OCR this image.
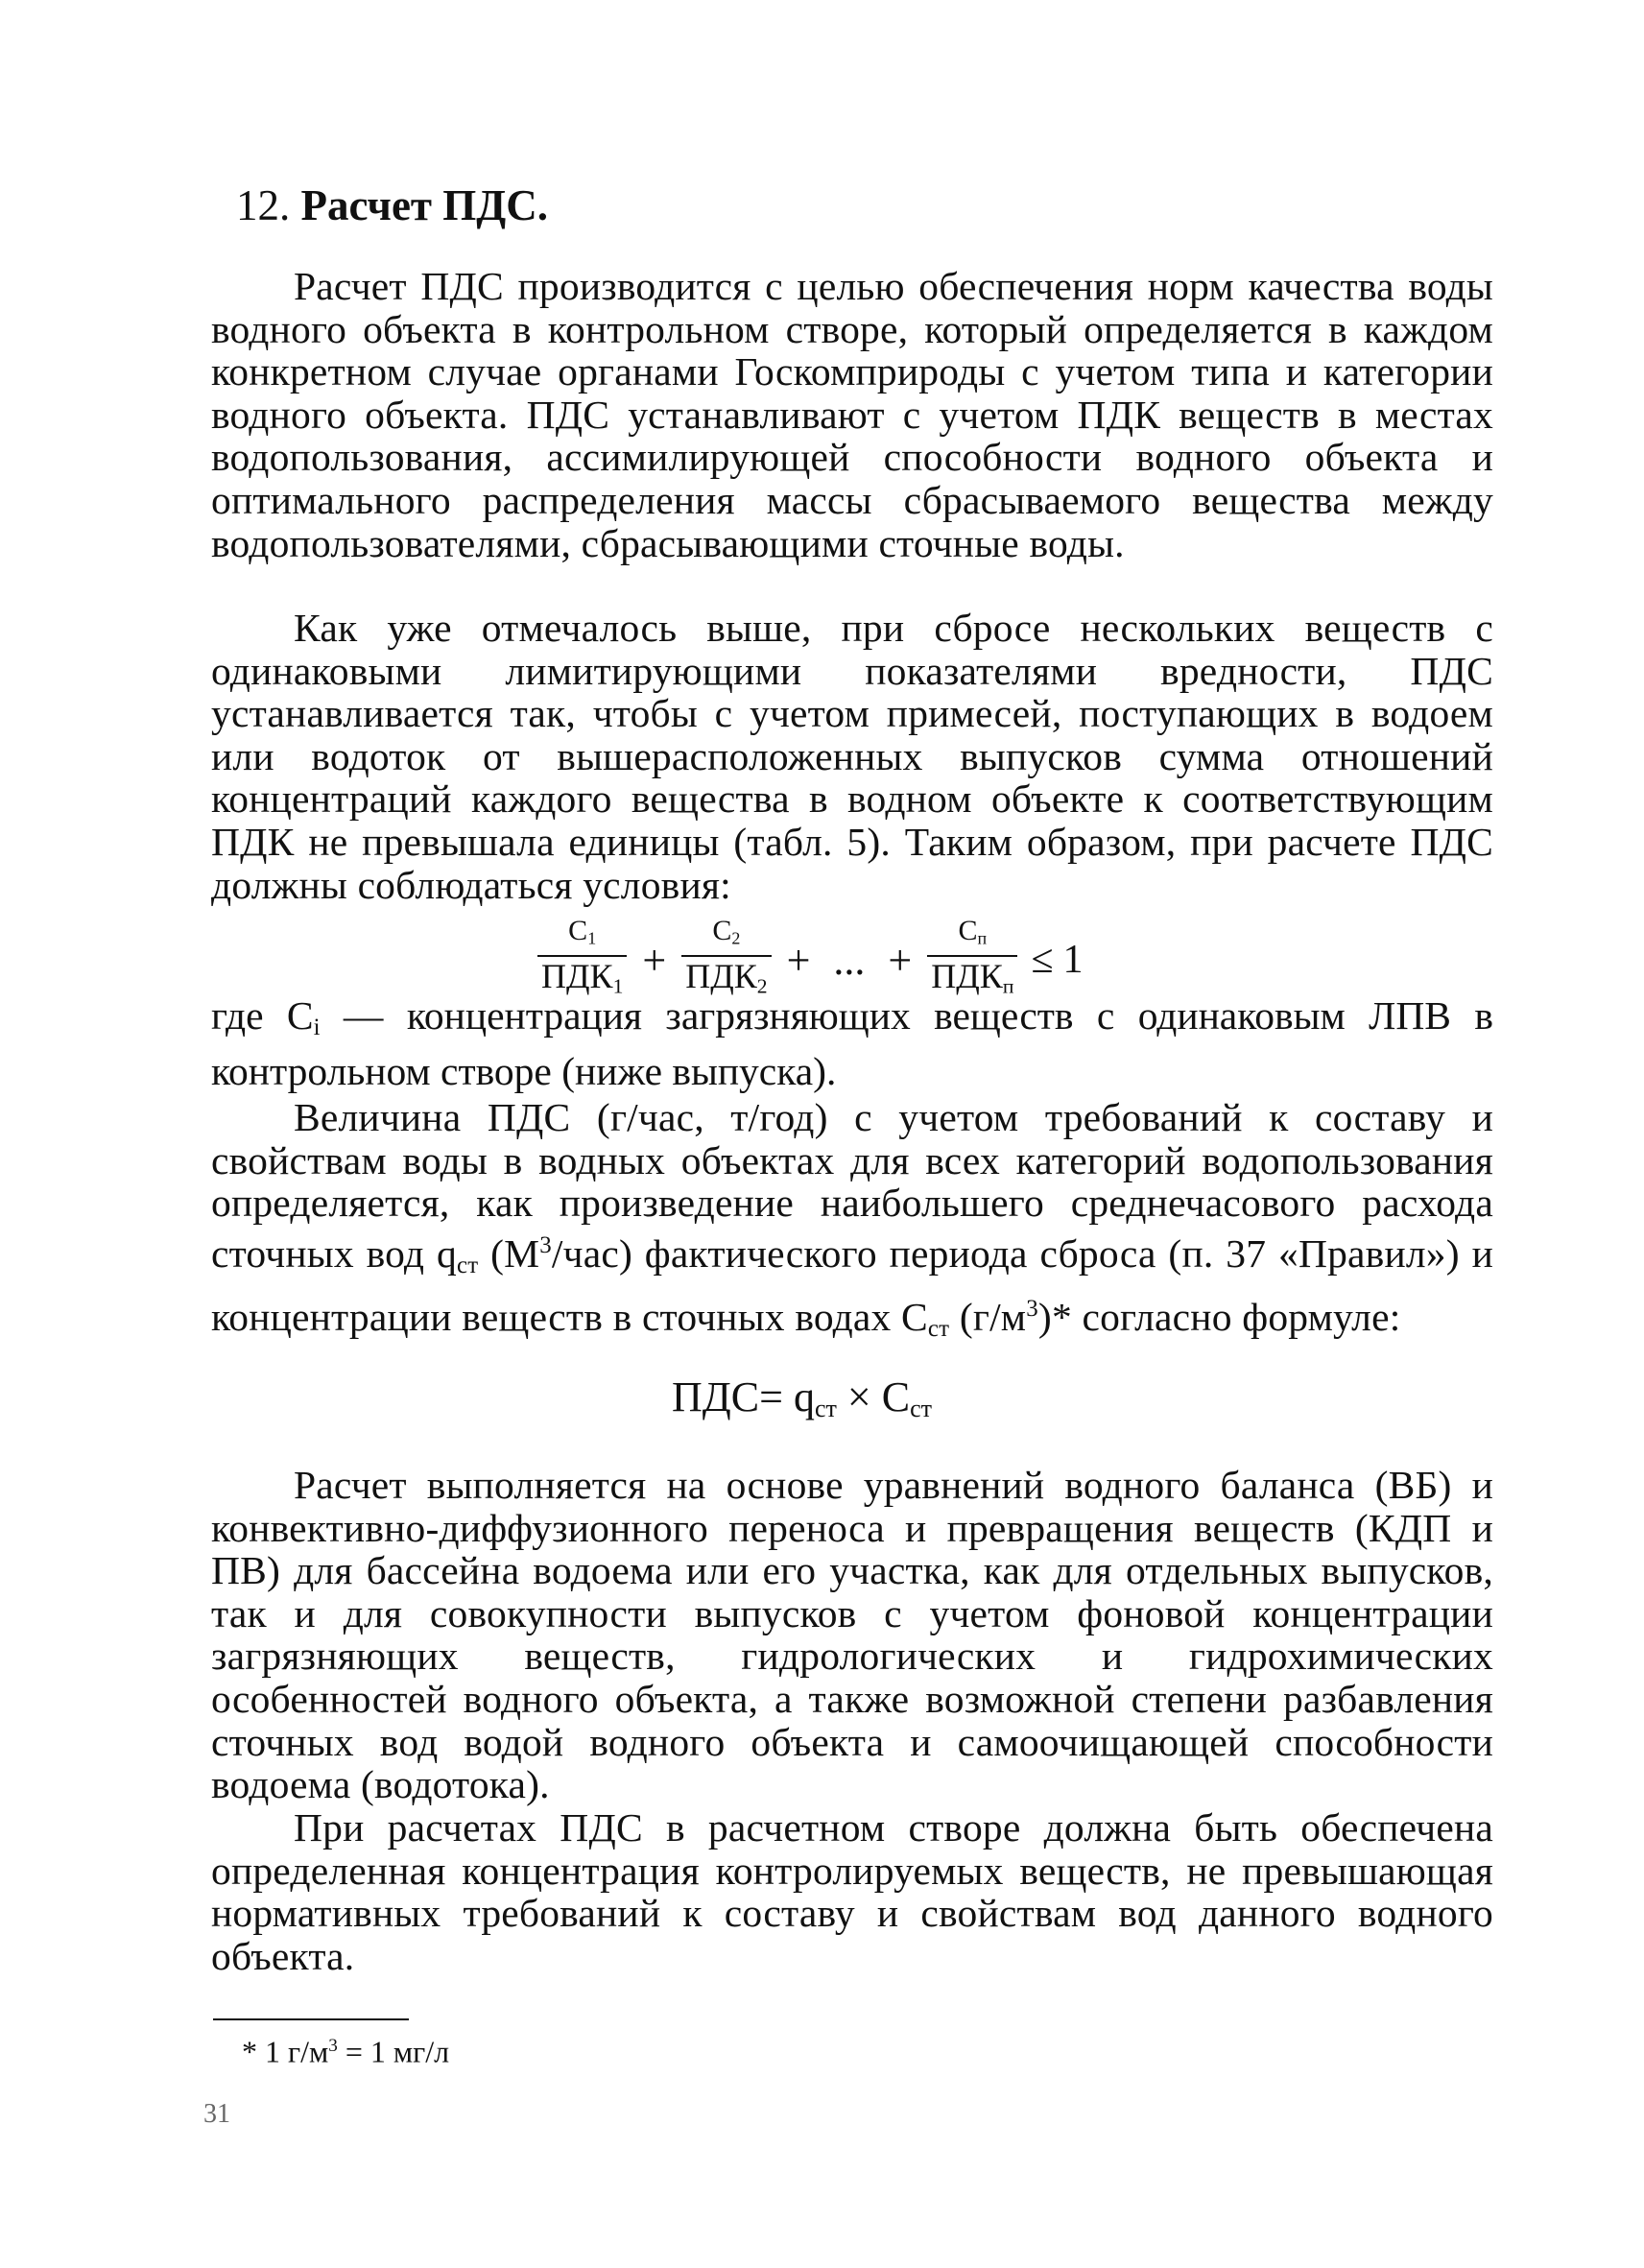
12. Расчет ПДС.

Расчет ПДС производится с целью обеспечения норм качества воды водного объекта в контрольном створе, который определяется в каждом конкретном случае органами Госкомприроды с учетом типа и категории водного объекта. ПДС устанавливают с учетом ПДК веществ в местах водопользования, ассимилирующей способности водного объекта и оптимального распределения массы сбрасываемого вещества между водопользователями, сбрасывающими сточные воды.

Как уже отмечалось выше, при сбросе нескольких веществ с одинаковыми лимитирующими показателями вредности, ПДС устанавливается так, чтобы с учетом примесей, поступающих в водоем или водоток от вышерасположенных выпусков сумма отношений концентраций каждого вещества в водном объекте к соответствующим ПДК не превышала единицы (табл. 5). Таким образом, при расчете ПДС должны соблюдаться условия:

$\frac{С_1}{ПДК_1} + \frac{С_2}{ПДК_2}$ + ... + $\frac{С_п}{ПДК_п} \le 1$

где $С_i$ — концентрация загрязняющих веществ с одинаковым ЛПВ в контрольном створе (ниже выпуска).

Величина ПДС (г/час, т/год) с учетом требований к составу и свойствам воды в водных объектах для всех категорий водопользования определяется, как произведение наибольшего среднечасового расхода сточных вод $q_{ст}$ $(М^3/час)$ фактического периода сброса (п. 37 «Правил») и концентрации веществ в сточных водах $С_{ст}$ $(г/м^3)*$ согласно формуле:

$ПДС= q_{ст} \times С_{ст}$

Расчет выполняется на основе уравнений водного баланса (ВБ) и конвективно-диффузионного переноса и превращения веществ (КДП и ПВ) для бассейна водоема или его участка, как для отдельных выпусков, так и для совокупности выпусков с учетом фоновой концентрации загрязняющих веществ, гидрологических и гидрохимических особенностей водного объекта, а также возможной степени разбавления сточных вод водой водного объекта и самоочищающей способности водоема (водотока).

При расчетах ПДС в расчетном створе должна быть обеспечена определенная концентрация контролируемых веществ, не превышающая нормативных требований к составу и свойствам вод данного водного объекта.

* 1 $г/м^3 = 1$ мг/л

31
